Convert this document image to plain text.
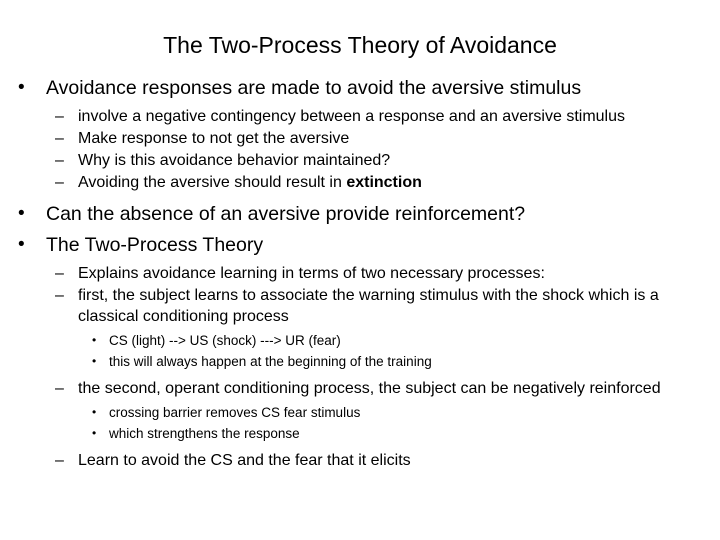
The Two-Process Theory of Avoidance
• Avoidance responses are made to avoid the aversive stimulus
– involve a negative contingency between a response and an aversive stimulus
– Make response to not get the aversive
– Why is this avoidance behavior maintained?
– Avoiding the aversive should result in extinction
• Can the absence of an aversive provide reinforcement?
• The Two-Process Theory
– Explains avoidance learning in terms of two necessary processes:
– first, the subject learns to associate the warning stimulus with the shock which is a classical conditioning process
• CS (light) --> US (shock) ---> UR (fear)
• this will always happen at the beginning of the training
– the second, operant conditioning process, the subject can be negatively reinforced
• crossing barrier removes CS fear stimulus
• which strengthens the response
– Learn to avoid the CS and the fear that it elicits
